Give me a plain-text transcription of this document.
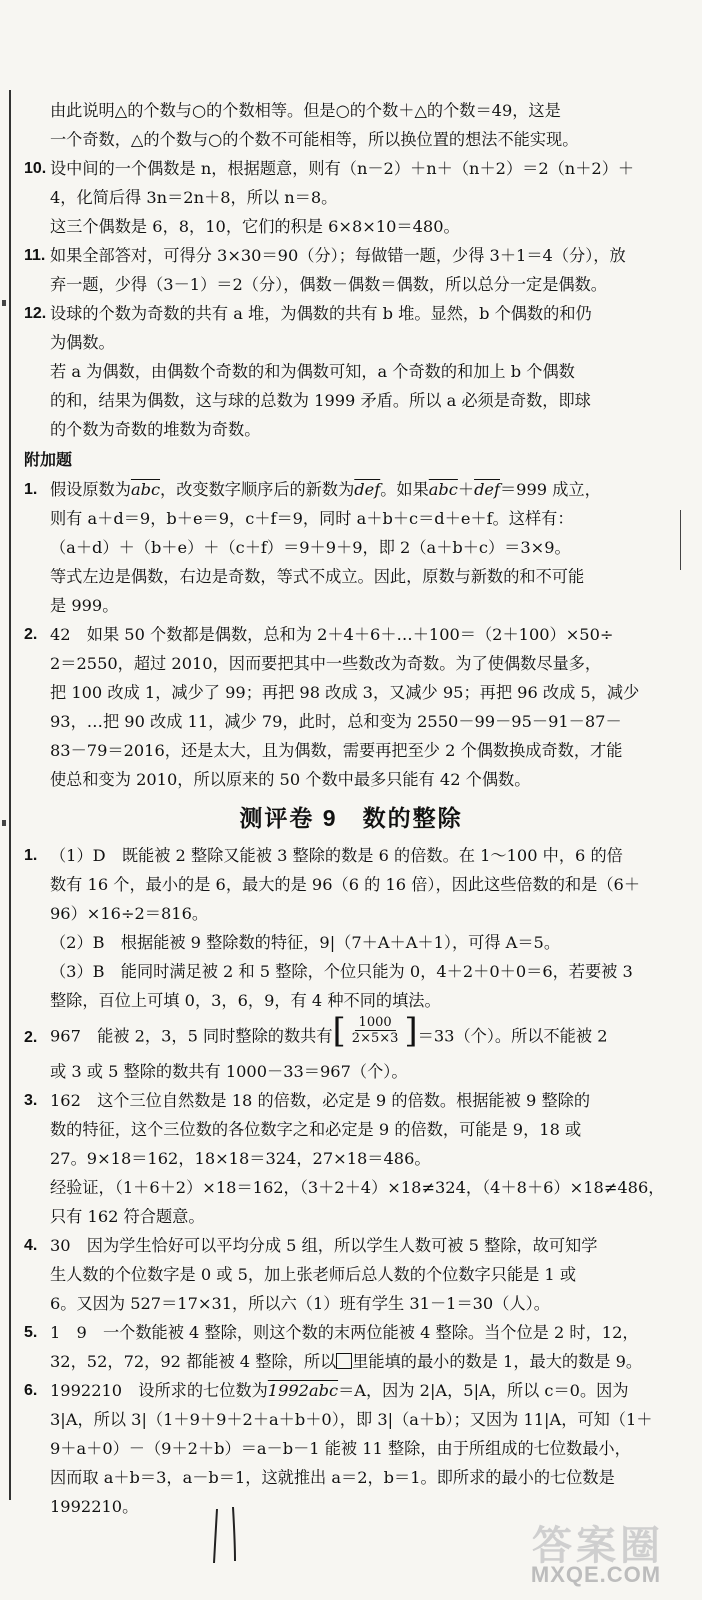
由此说明△的个数与○的个数相等。但是○的个数＋△的个数＝49，这是

一个奇数，△的个数与○的个数不可能相等，所以换位置的想法不能实现。

10. 设中间的一个偶数是 n，根据题意，则有（n－2）＋n＋（n＋2）＝2（n＋2）＋

4，化简后得 3n＝2n＋8，所以 n＝8。

这三个偶数是 6，8，10，它们的积是 6×8×10＝480。

11. 如果全部答对，可得分 3×30＝90（分）；每做错一题，少得 3＋1＝4（分），放

弃一题，少得（3－1）＝2（分），偶数－偶数＝偶数，所以总分一定是偶数。

12. 设球的个数为奇数的共有 a 堆，为偶数的共有 b 堆。显然，b 个偶数的和仍

为偶数。

若 a 为偶数，由偶数个奇数的和为偶数可知，a 个奇数的和加上 b 个偶数

的和，结果为偶数，这与球的总数为 1999 矛盾。所以 a 必须是奇数，即球

的个数为奇数的堆数为奇数。

附加题

1. 假设原数为$\overline{abc}$，改变数字顺序后的新数为$\overline{def}$。如果$\overline{abc}+\overline{def}=999$ 成立，

则有 a＋d＝9，b＋e＝9，c＋f＝9，同时 a＋b＋c＝d＋e＋f。这样有：

（a＋d）＋（b＋e）＋（c＋f）＝9＋9＋9，即 2（a＋b＋c）＝3×9。

等式左边是偶数，右边是奇数，等式不成立。因此，原数与新数的和不可能

是 999。

2. 42　如果 50 个数都是偶数，总和为 2＋4＋6＋…＋100＝（2＋100）×50÷

2＝2550，超过 2010，因而要把其中一些数改为奇数。为了使偶数尽量多，

把 100 改成 1，减少了 99；再把 98 改成 3，又减少 95；再把 96 改成 5，减少

93，…把 90 改成 11，减少 79，此时，总和变为 2550－99－95－91－87－

83－79＝2016，还是太大，且为偶数，需要再把至少 2 个偶数换成奇数，才能

使总和变为 2010，所以原来的 50 个数中最多只能有 42 个偶数。

测评卷 9　数的整除
1. （1）D　既能被 2 整除又能被 3 整除的数是 6 的倍数。在 1～100 中，6 的倍

数有 16 个，最小的是 6，最大的是 96（6 的 16 倍），因此这些倍数的和是（6＋

96）×16÷2＝816。

（2）B　根据能被 9 整除数的特征，9|（7＋A＋A＋1），可得 A＝5。

（3）B　能同时满足被 2 和 5 整除，个位只能为 0，4＋2＋0＋0＝6，若要被 3

整除，百位上可填 0，3，6，9，有 4 种不同的填法。

2. 967　能被 2，3，5 同时整除的数共有 [ $\frac{1000}{2\times 5\times 3}$ ] ＝33（个）。所以不能被 2

或 3 或 5 整除的数共有 1000－33＝967（个）。

3. 162　这个三位自然数是 18 的倍数，必定是 9 的倍数。根据能被 9 整除的

数的特征，这个三位数的各位数字之和必定是 9 的倍数，可能是 9，18 或

27。9×18＝162，18×18＝324，27×18＝486。

经验证，（1＋6＋2）×18＝162，（3＋2＋4）×18≠324，（4＋8＋6）×18≠486，

只有 162 符合题意。

4. 30　因为学生恰好可以平均分成 5 组，所以学生人数可被 5 整除，故可知学

生人数的个位数字是 0 或 5，加上张老师后总人数的个位数字只能是 1 或

6。又因为 527＝17×31，所以六（1）班有学生 31－1＝30（人）。

5. 1　9　一个数能被 4 整除，则这个数的末两位能被 4 整除。当个位是 2 时，12，

32，52，72，92 都能被 4 整除，所以 里能填的最小的数是 1，最大的数是 9。

6. 1992210　设所求的七位数为1992abc＝A，因为 2|A，5|A，所以 c＝0。因为

3|A，所以 3|（1＋9＋9＋2＋a＋b＋0），即 3|（a＋b）；又因为 11|A，可知（1＋

9＋a＋0）－（9＋2＋b）＝a－b－1 能被 11 整除，由于所组成的七位数最小，

因而取 a＋b＝3，a－b＝1，这就推出 a＝2，b＝1。即所求的最小的七位数是

1992210。

答案圈
MXQE.COM
